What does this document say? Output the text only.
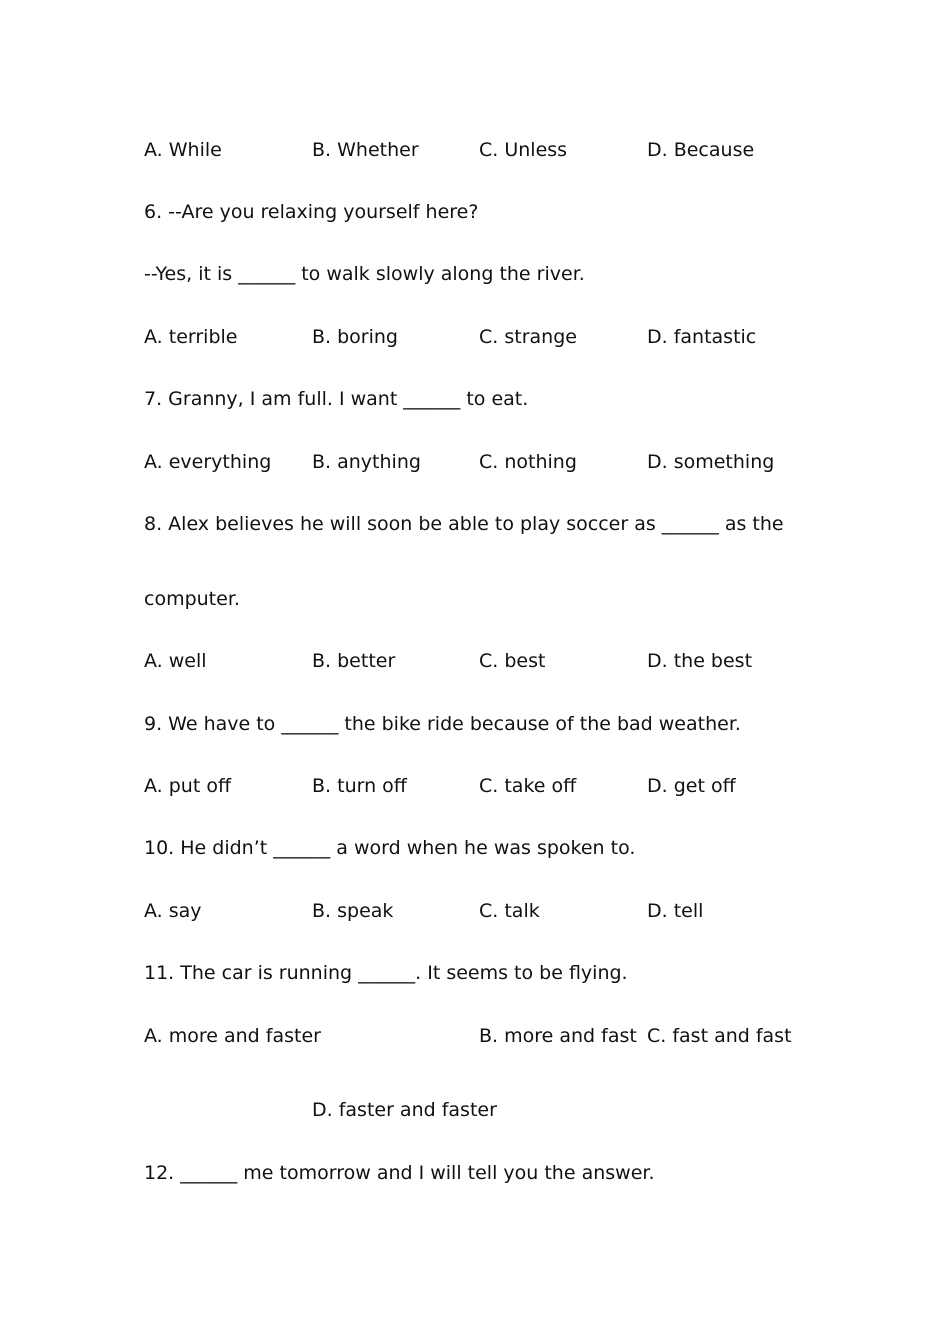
A. While	B. Whether	C. Unless	D. Because
6. --Are you relaxing yourself here?
--Yes, it is ______ to walk slowly along the river.
A. terrible	B. boring	C. strange	D. fantastic
7. Granny, I am full. I want ______ to eat.
A. everything B. anything	C. nothing	D. something
8. Alex believes he will soon be able to play soccer as ______ as the
computer.
A. well	B. better	C. best	D. the best
9. We have to ______ the bike ride because of the bad weather.
A. put off	B. turn off	C. take off	D. get off
10. He didn’t ______ a word when he was spoken to.
A. say	B. speak	C. talk	D. tell
11. The car is running ______. It seems to be flying.
A. more and faster	B. more and fast C. fast and fast
D. faster and faster
12. ______ me tomorrow and I will tell you the answer.
